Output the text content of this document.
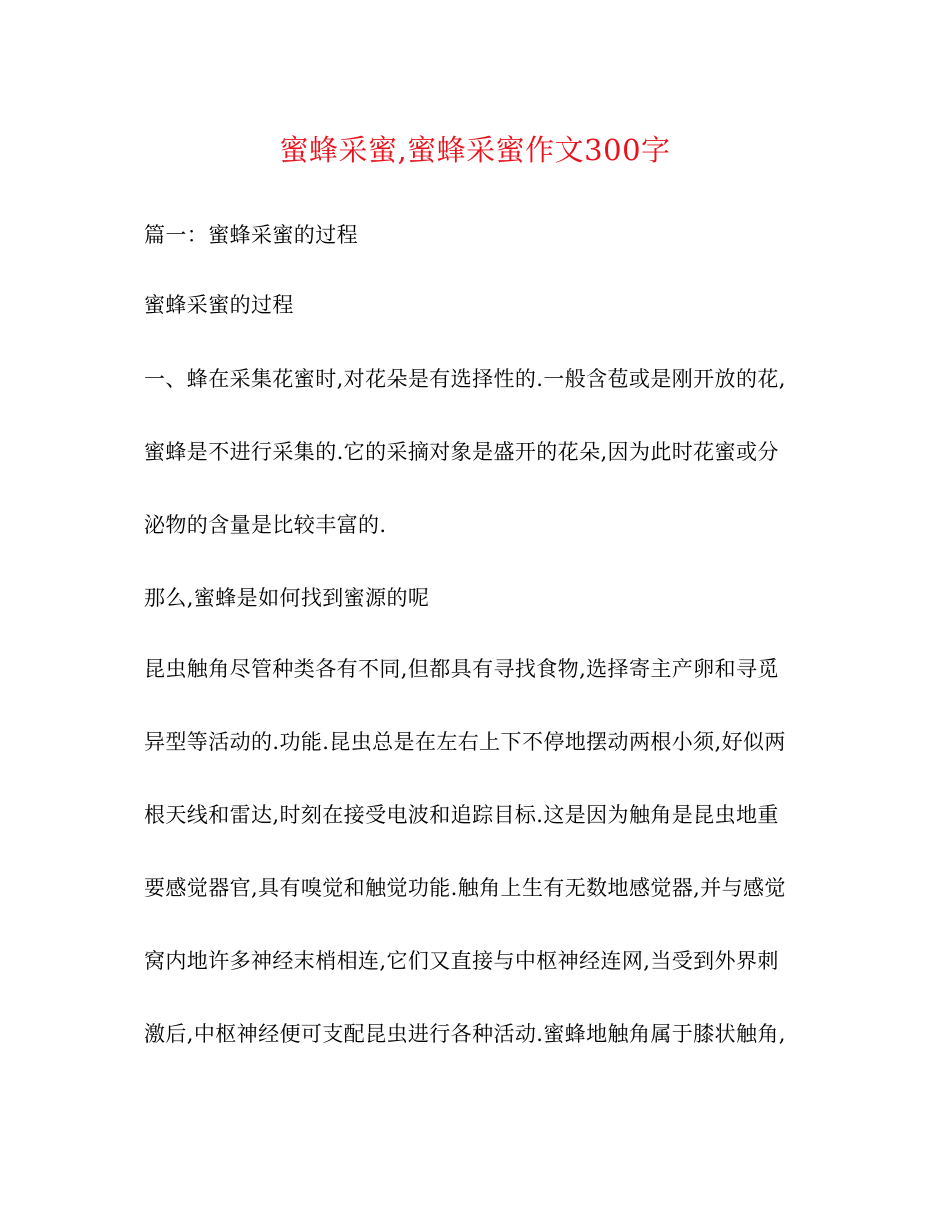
蜜蜂采蜜,蜜蜂采蜜作文300字
篇一：蜜蜂采蜜的过程
蜜蜂采蜜的过程
一、蜂在采集花蜜时,对花朵是有选择性的.一般含苞或是刚开放的花,
蜜蜂是不进行采集的.它的采摘对象是盛开的花朵,因为此时花蜜或分
泌物的含量是比较丰富的.
那么,蜜蜂是如何找到蜜源的呢
昆虫触角尽管种类各有不同,但都具有寻找食物,选择寄主产卵和寻觅
异型等活动的.功能.昆虫总是在左右上下不停地摆动两根小须,好似两
根天线和雷达,时刻在接受电波和追踪目标.这是因为触角是昆虫地重
要感觉器官,具有嗅觉和触觉功能.触角上生有无数地感觉器,并与感觉
窝内地许多神经末梢相连,它们又直接与中枢神经连网,当受到外界刺
激后,中枢神经便可支配昆虫进行各种活动.蜜蜂地触角属于膝状触角,
